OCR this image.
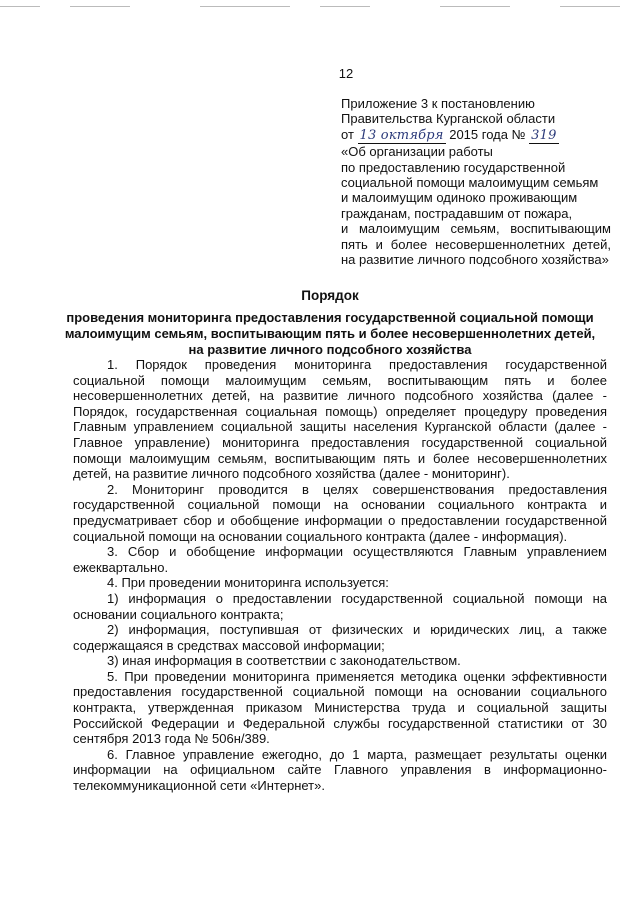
12
Приложение 3 к постановлению
Правительства Курганской области
от 13 октября 2015 года № 319
«Об организации работы
по предоставлению государственной
социальной помощи малоимущим семьям
и малоимущим одиноко проживающим
гражданам, пострадавшим от пожара,
и малоимущим семьям, воспитывающим
пять и более несовершеннолетних детей,
на развитие личного подсобного хозяйства»
Порядок
проведения мониторинга предоставления государственной социальной помощи
малоимущим семьям, воспитывающим пять и более несовершеннолетних детей,
на развитие личного подсобного хозяйства

1. Порядок проведения мониторинга предоставления государственной социальной помощи малоимущим семьям, воспитывающим пять и более несовершеннолетних детей, на развитие личного подсобного хозяйства (далее - Порядок, государственная социальная помощь) определяет процедуру проведения Главным управлением социальной защиты населения Курганской области (далее - Главное управление) мониторинга предоставления государственной социальной помощи малоимущим семьям, воспитывающим пять и более несовершеннолетних детей, на развитие личного подсобного хозяйства (далее - мониторинг).

2. Мониторинг проводится в целях совершенствования предоставления государственной социальной помощи на основании социального контракта и предусматривает сбор и обобщение информации о предоставлении государственной социальной помощи на основании социального контракта (далее - информация).

3. Сбор и обобщение информации осуществляются Главным управлением ежеквартально.

4. При проведении мониторинга используется:

1) информация о предоставлении государственной социальной помощи на основании социального контракта;

2) информация, поступившая от физических и юридических лиц, а также содержащаяся в средствах массовой информации;

3) иная информация в соответствии с законодательством.

5. При проведении мониторинга применяется методика оценки эффективности предоставления государственной социальной помощи на основании социального контракта, утвержденная приказом Министерства труда и социальной защиты Российской Федерации и Федеральной службы государственной статистики от 30 сентября 2013 года № 506н/389.

6. Главное управление ежегодно, до 1 марта, размещает результаты оценки информации на официальном сайте Главного управления в информационно-телекоммуникационной сети «Интернет».
